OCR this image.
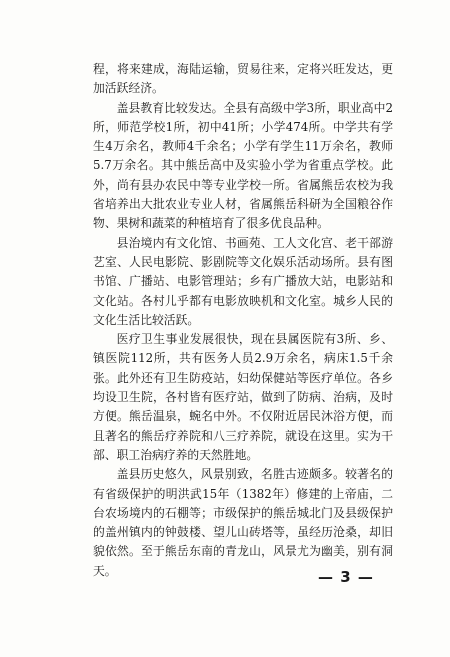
程，将来建成，海陆运输，贸易往来，定将兴旺发达，更加活跃经济。

盖县教育比较发达。全县有高级中学3所，职业高中2所，师范学校1所，初中41所；小学474所。中学共有学生4万余名，教师4千余名；小学有学生11万余名，教师5.7万余名。其中熊岳高中及实验小学为省重点学校。此外，尚有县办农民中等专业学校一所。省属熊岳农校为我省培养出大批农业专业人材，省属熊岳科研为全国粮谷作物、果树和蔬菜的种植培育了很多优良品种。

县治境内有文化馆、书画苑、工人文化宫、老干部游艺室、人民电影院、影剧院等文化娱乐活动场所。县有图书馆、广播站、电影管理站；乡有广播放大站，电影站和文化站。各村儿乎都有电影放映机和文化室。城乡人民的文化生活比较活跃。

医疗卫生事业发展很快，现在县属医院有3所、乡、镇医院112所，共有医务人员2.9万余名，病床1.5千余张。此外还有卫生防疫站，妇幼保健站等医疗单位。各乡均设卫生院，各村皆有医疗站，做到了防病、治病，及时方便。熊岳温泉，蜿名中外。不仅附近居民沐浴方便，而且著名的熊岳疗养院和八三疗养院，就设在这里。实为干部、职工治病疗养的天然胜地。

盖县历史悠久，风景别致，名胜古迹颇多。较著名的有省级保护的明洪武15年（1382年）修建的上帝庙，二台农场境内的石棚等；市级保护的熊岳城北门及县级保护的盖州镇内的钟鼓楼、望儿山砖塔等，虽经历沧桑，却旧貌依然。至于熊岳东南的青龙山，风景尤为幽美，别有洞天。	— 3 —
